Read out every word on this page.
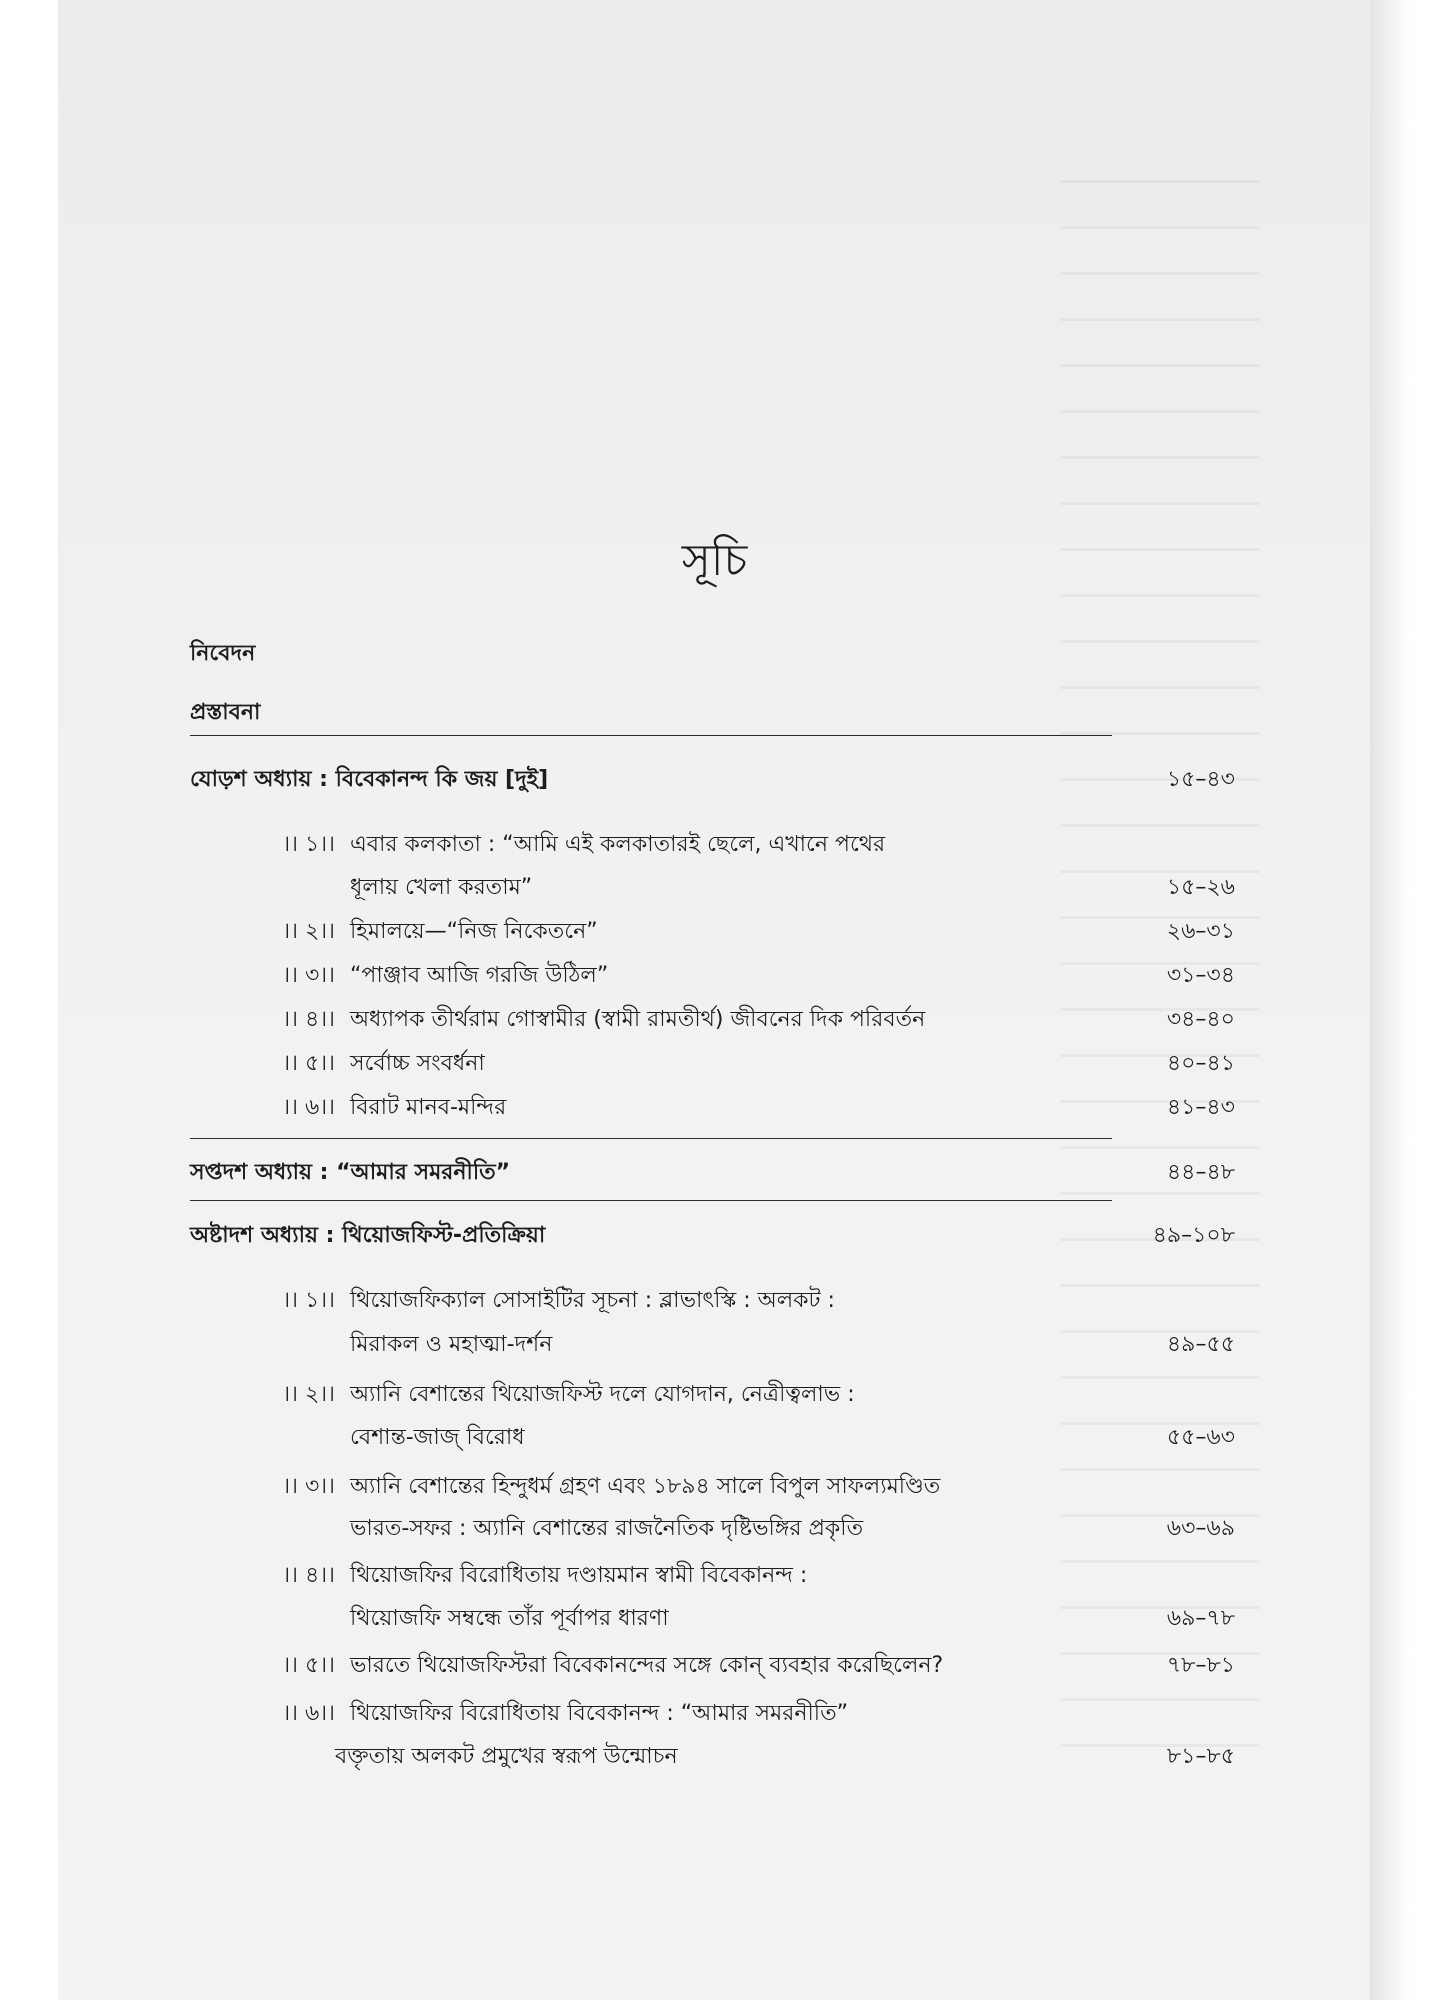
সূচি
নিবেদন
প্রস্তাবনা
যোড়শ অধ্যায় : বিবেকানন্দ কি জয় [দুই]	১৫–৪৩
।। ১।। এবার কলকাতা : “আমি এই কলকাতারই ছেলে, এখানে পথের
ধূলায় খেলা করতাম”	১৫–২৬
।। ২।। হিমালয়ে—“নিজ নিকেতনে”	২৬–৩১
।। ৩।। “পাঞ্জাব আজি গরজি উঠিল”	৩১–৩৪
।। ৪।। অধ্যাপক তীর্থরাম গোস্বামীর (স্বামী রামতীর্থ) জীবনের দিক পরিবর্তন	৩৪–৪০
।। ৫।। সর্বোচ্চ সংবর্ধনা	৪০–৪১
।। ৬।। বিরাট মানব-মন্দির	৪১–৪৩
সপ্তদশ অধ্যায় : “আমার সমরনীতি”	৪৪–৪৮
অষ্টাদশ অধ্যায় : থিয়োজফিস্ট-প্রতিক্রিয়া	৪৯–১০৮
।। ১।। থিয়োজফিক্যাল সোসাইটির সূচনা : ব্লাভাৎস্কি : অলকট :
মিরাকল ও মহাত্মা-দর্শন	৪৯–৫৫
।। ২।। অ্যানি বেশান্তের থিয়োজফিস্ট দলে যোগদান, নেত্রীত্বলাভ :
বেশান্ত-জাজ্ বিরোধ	৫৫–৬৩
।। ৩।। অ্যানি বেশান্তের হিন্দুধর্ম গ্রহণ এবং ১৮৯৪ সালে বিপুল সাফল্যমণ্ডিত
ভারত-সফর : অ্যানি বেশান্তের রাজনৈতিক দৃষ্টিভঙ্গির প্রকৃতি	৬৩–৬৯
।। ৪।। থিয়োজফির বিরোধিতায় দণ্ডায়মান স্বামী বিবেকানন্দ :
থিয়োজফি সম্বন্ধে তাঁর পূর্বাপর ধারণা	৬৯–৭৮
।। ৫।। ভারতে থিয়োজফিস্টরা বিবেকানন্দের সঙ্গে কোন্ ব্যবহার করেছিলেন?	৭৮–৮১
।। ৬।। থিয়োজফির বিরোধিতায় বিবেকানন্দ : “আমার সমরনীতি”
বক্তৃতায় অলকট প্রমুখের স্বরূপ উন্মোচন	৮১–৮৫
